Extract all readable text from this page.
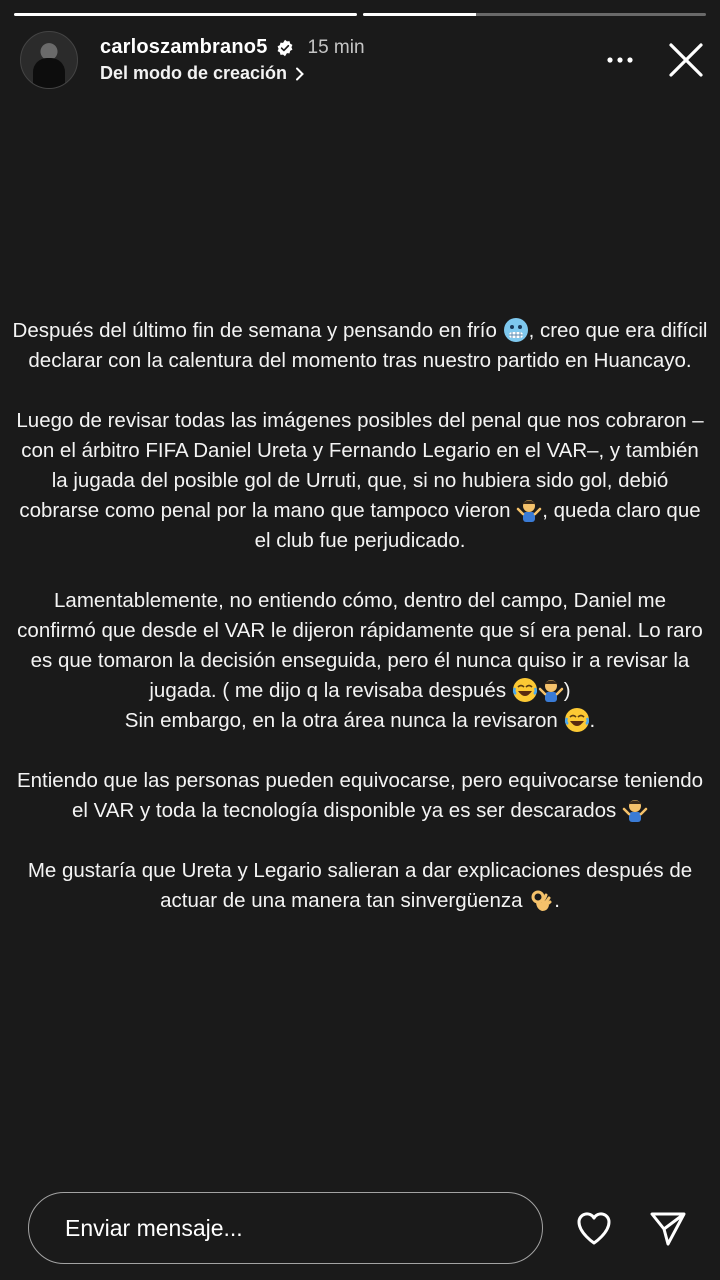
carloszambrano5 15 min
Del modo de creación

Después del último fin de semana y pensando en frío , creo que era difícil declarar con la calentura del momento tras nuestro partido en Huancayo.

Luego de revisar todas las imágenes posibles del penal que nos cobraron –con el árbitro FIFA Daniel Ureta y Fernando Legario en el VAR–, y también la jugada del posible gol de Urruti, que, si no hubiera sido gol, debió cobrarse como penal por la mano que tampoco vieron , queda claro que el club fue perjudicado.

Lamentablemente, no entiendo cómo, dentro del campo, Daniel me confirmó que desde el VAR le dijeron rápidamente que sí era penal. Lo raro es que tomaron la decisión enseguida, pero él nunca quiso ir a revisar la jugada. ( me dijo q la revisaba después	)

Sin embargo, en la otra área nunca la revisaron .

Entiendo que las personas pueden equivocarse, pero equivocarse teniendo el VAR y toda la tecnología disponible ya es ser descarados

Me gustaría que Ureta y Legario salieran a dar explicaciones después de actuar de una manera tan sinvergüenza .

Enviar mensaje...
